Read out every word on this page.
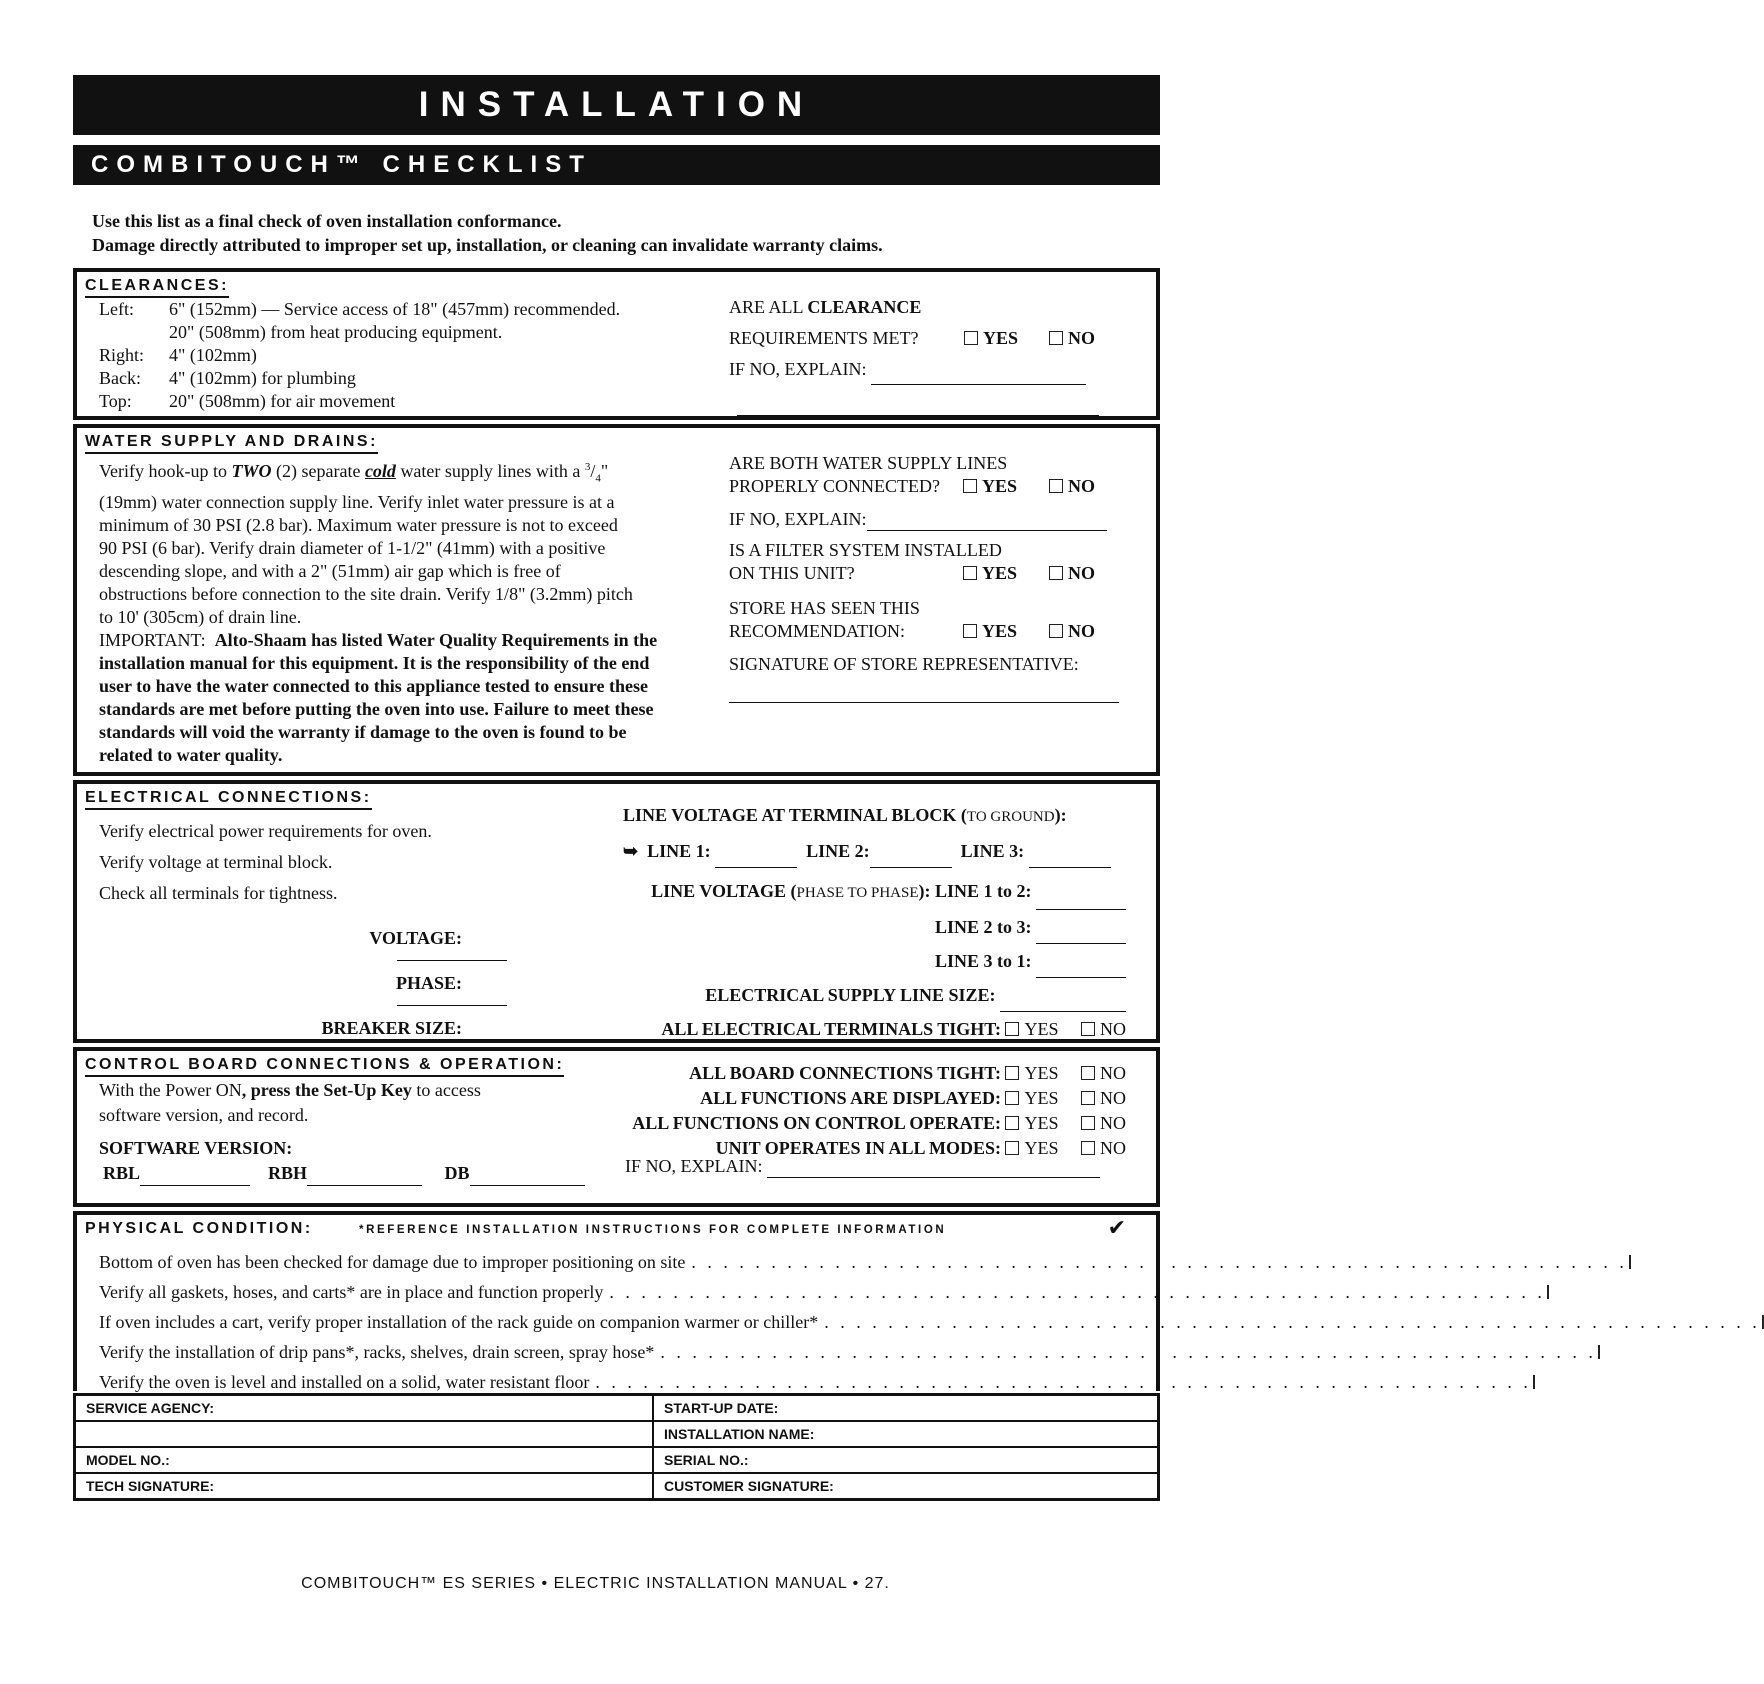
INSTALLATION
COMBITOUCH™ CHECKLIST
Use this list as a final check of oven installation conformance.
Damage directly attributed to improper set up, installation, or cleaning can invalidate warranty claims.
CLEARANCES:
Left:	6" (152mm) — Service access of 18" (457mm) recommended.
20" (508mm) from heat producing equipment.
Right:	4" (102mm)
Back:	4" (102mm) for plumbing
Top:	20" (508mm) for air movement
ARE ALL CLEARANCE
REQUIREMENTS MET?	YES	NO
IF NO, EXPLAIN:
WATER SUPPLY AND DRAINS:
Verify hook-up to TWO (2) separate cold water supply lines with a $^3/_4$"
(19mm) water connection supply line. Verify inlet water pressure is at a
minimum of 30 PSI (2.8 bar). Maximum water pressure is not to exceed
90 PSI (6 bar). Verify drain diameter of 1-1/2" (41mm) with a positive
descending slope, and with a 2" (51mm) air gap which is free of
obstructions before connection to the site drain. Verify 1/8" (3.2mm) pitch
to 10' (305cm) of drain line.
IMPORTANT: Alto-Shaam has listed Water Quality Requirements in the
installation manual for this equipment. It is the responsibility of the end
user to have the water connected to this appliance tested to ensure these
standards are met before putting the oven into use. Failure to meet these
standards will void the warranty if damage to the oven is found to be
related to water quality.
ARE BOTH WATER SUPPLY LINES
PROPERLY CONNECTED?	YES	NO
IF NO, EXPLAIN:
IS A FILTER SYSTEM INSTALLED
ON THIS UNIT?	YES	NO
STORE HAS SEEN THIS
RECOMMENDATION:	YES	NO
SIGNATURE OF STORE REPRESENTATIVE:
ELECTRICAL CONNECTIONS:
Verify electrical power requirements for oven.
Verify voltage at terminal block.
Check all terminals for tightness.
VOLTAGE:
PHASE:
BREAKER SIZE:
LINE VOLTAGE AT TERMINAL BLOCK (TO GROUND):
➥ LINE 1:	LINE 2:	LINE 3:
LINE VOLTAGE (PHASE TO PHASE): LINE 1 to 2:
LINE 2 to 3:
LINE 3 to 1:
ELECTRICAL SUPPLY LINE SIZE:
ALL ELECTRICAL TERMINALS TIGHT: YES NO
CONTROL BOARD CONNECTIONS & OPERATION:
With the Power ON, press the Set-Up Key to access
software version, and record.
SOFTWARE VERSION:
RBL	RBH	DB
ALL BOARD CONNECTIONS TIGHT: YES NO
ALL FUNCTIONS ARE DISPLAYED: YES NO
ALL FUNCTIONS ON CONTROL OPERATE: YES NO
UNIT OPERATES IN ALL MODES: YES NO
IF NO, EXPLAIN:
PHYSICAL CONDITION:	*REFERENCE INSTALLATION INSTRUCTIONS FOR COMPLETE INFORMATION	✔
Bottom of oven has been checked for damage due to improper positioning on site . . . . . . . . . . . . . . . . . . . . . . . . . . . . . . . . . . . . . . . . . . . . . . . . . . . . . . . . . . .
Verify all gaskets, hoses, and carts* are in place and function properly . . . . . . . . . . . . . . . . . . . . . . . . . . . . . . . . . . . . . . . . . . . . . . . . . . . . . . . . . . .
If oven includes a cart, verify proper installation of the rack guide on companion warmer or chiller* . . . . . . . . . . . . . . . . . . . . . . . . . . . . . . . . . . . . . . . . . . . . . . . . . . . . . . . . . . .
Verify the installation of drip pans*, racks, shelves, drain screen, spray hose* . . . . . . . . . . . . . . . . . . . . . . . . . . . . . . . . . . . . . . . . . . . . . . . . . . . . . . . . . . .
Verify the oven is level and installed on a solid, water resistant floor . . . . . . . . . . . . . . . . . . . . . . . . . . . . . . . . . . . . . . . . . . . . . . . . . . . . . . . . . . .
SERVICE AGENCY:	START-UP DATE:
	INSTALLATION NAME:
MODEL NO.:	SERIAL NO.:
TECH SIGNATURE:	CUSTOMER SIGNATURE:
COMBITOUCH™ ES SERIES • ELECTRIC INSTALLATION MANUAL • 27.
